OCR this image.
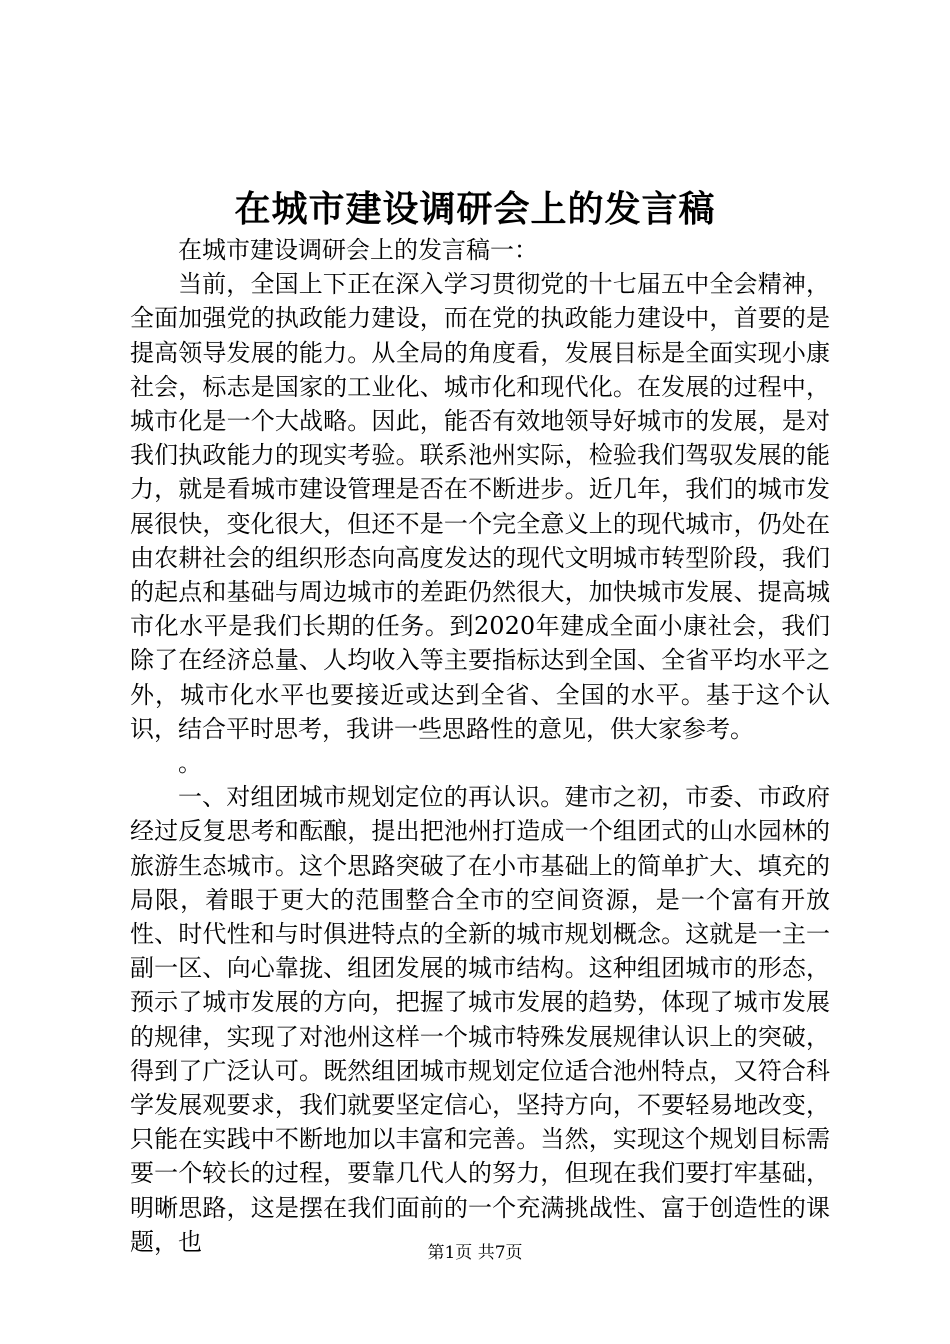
在城市建设调研会上的发言稿

在城市建设调研会上的发言稿一：

当前，全国上下正在深入学习贯彻党的十七届五中全会精神，全面加强党的执政能力建设，而在党的执政能力建设中，首要的是提高领导发展的能力。从全局的角度看，发展目标是全面实现小康社会，标志是国家的工业化、城市化和现代化。在发展的过程中，城市化是一个大战略。因此，能否有效地领导好城市的发展，是对我们执政能力的现实考验。联系池州实际，检验我们驾驭发展的能力，就是看城市建设管理是否在不断进步。近几年，我们的城市发展很快，变化很大，但还不是一个完全意义上的现代城市，仍处在由农耕社会的组织形态向高度发达的现代文明城市转型阶段，我们的起点和基础与周边城市的差距仍然很大，加快城市发展、提高城市化水平是我们长期的任务。到2020年建成全面小康社会，我们除了在经济总量、人均收入等主要指标达到全国、全省平均水平之外，城市化水平也要接近或达到全省、全国的水平。基于这个认识，结合平时思考，我讲一些思路性的意见，供大家参考。

。

一、对组团城市规划定位的再认识。建市之初，市委、市政府经过反复思考和酝酿，提出把池州打造成一个组团式的山水园林的旅游生态城市。这个思路突破了在小市基础上的简单扩大、填充的局限，着眼于更大的范围整合全市的空间资源，是一个富有开放性、时代性和与时俱进特点的全新的城市规划概念。这就是一主一副一区、向心靠拢、组团发展的城市结构。这种组团城市的形态，预示了城市发展的方向，把握了城市发展的趋势，体现了城市发展的规律，实现了对池州这样一个城市特殊发展规律认识上的突破，得到了广泛认可。既然组团城市规划定位适合池州特点，又符合科学发展观要求，我们就要坚定信心，坚持方向，不要轻易地改变，只能在实践中不断地加以丰富和完善。当然，实现这个规划目标需要一个较长的过程，要靠几代人的努力，但现在我们要打牢基础，明晰思路，这是摆在我们面前的一个充满挑战性、富于创造性的课题，也	第1页 共7页
